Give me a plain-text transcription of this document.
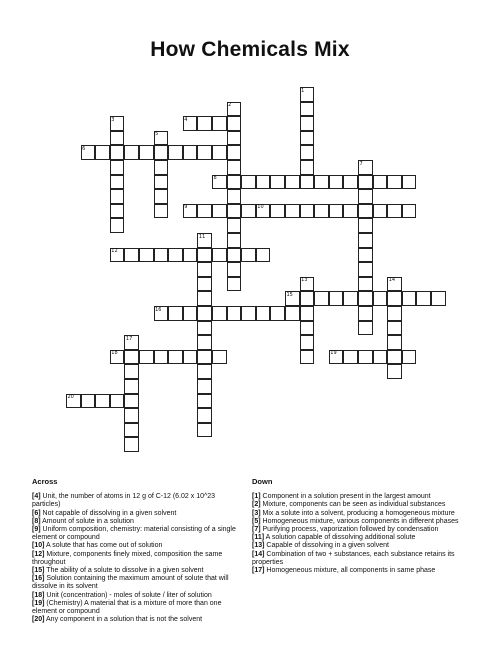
How Chemicals Mix
1
2
3	4
5
6
7
8
9	10
11
12
13	14
15
16
17
18	19
20
Across
[4] Unit, the number of atoms in 12 g of C-12 (6.02 x 10^23 particles)
[6] Not capable of dissolving in a given solvent
[8] Amount of solute in a solution
[9] Uniform composition, chemistry: material consisting of a single element or compound
[10] A solute that has come out of solution
[12] Mixture, components finely mixed, composition the same throughout
[15] The ability of a solute to dissolve in a given solvent
[16] Solution containing the maximum amount of solute that will dissolve in its solvent
[18] Unit (concentration) - moles of solute / liter of solution
[19] (Chemistry) A material that is a mixture of more than one element or compound
[20] Any component in a solution that is not the solvent
Down
[1] Component in a solution present in the largest amount
[2] Mixture, components can be seen as individual substances
[3] Mix a solute into a solvent, producing a homogeneous mixture
[5] Homogeneous mixture, various components in different phases
[7] Purifying process, vaporization followed by condensation
[11] A solution capable of dissolving additional solute
[13] Capable of dissolving in a given solvent
[14] Combination of two + substances, each substance retains its properties
[17] Homogeneous mixture, all components in same phase
